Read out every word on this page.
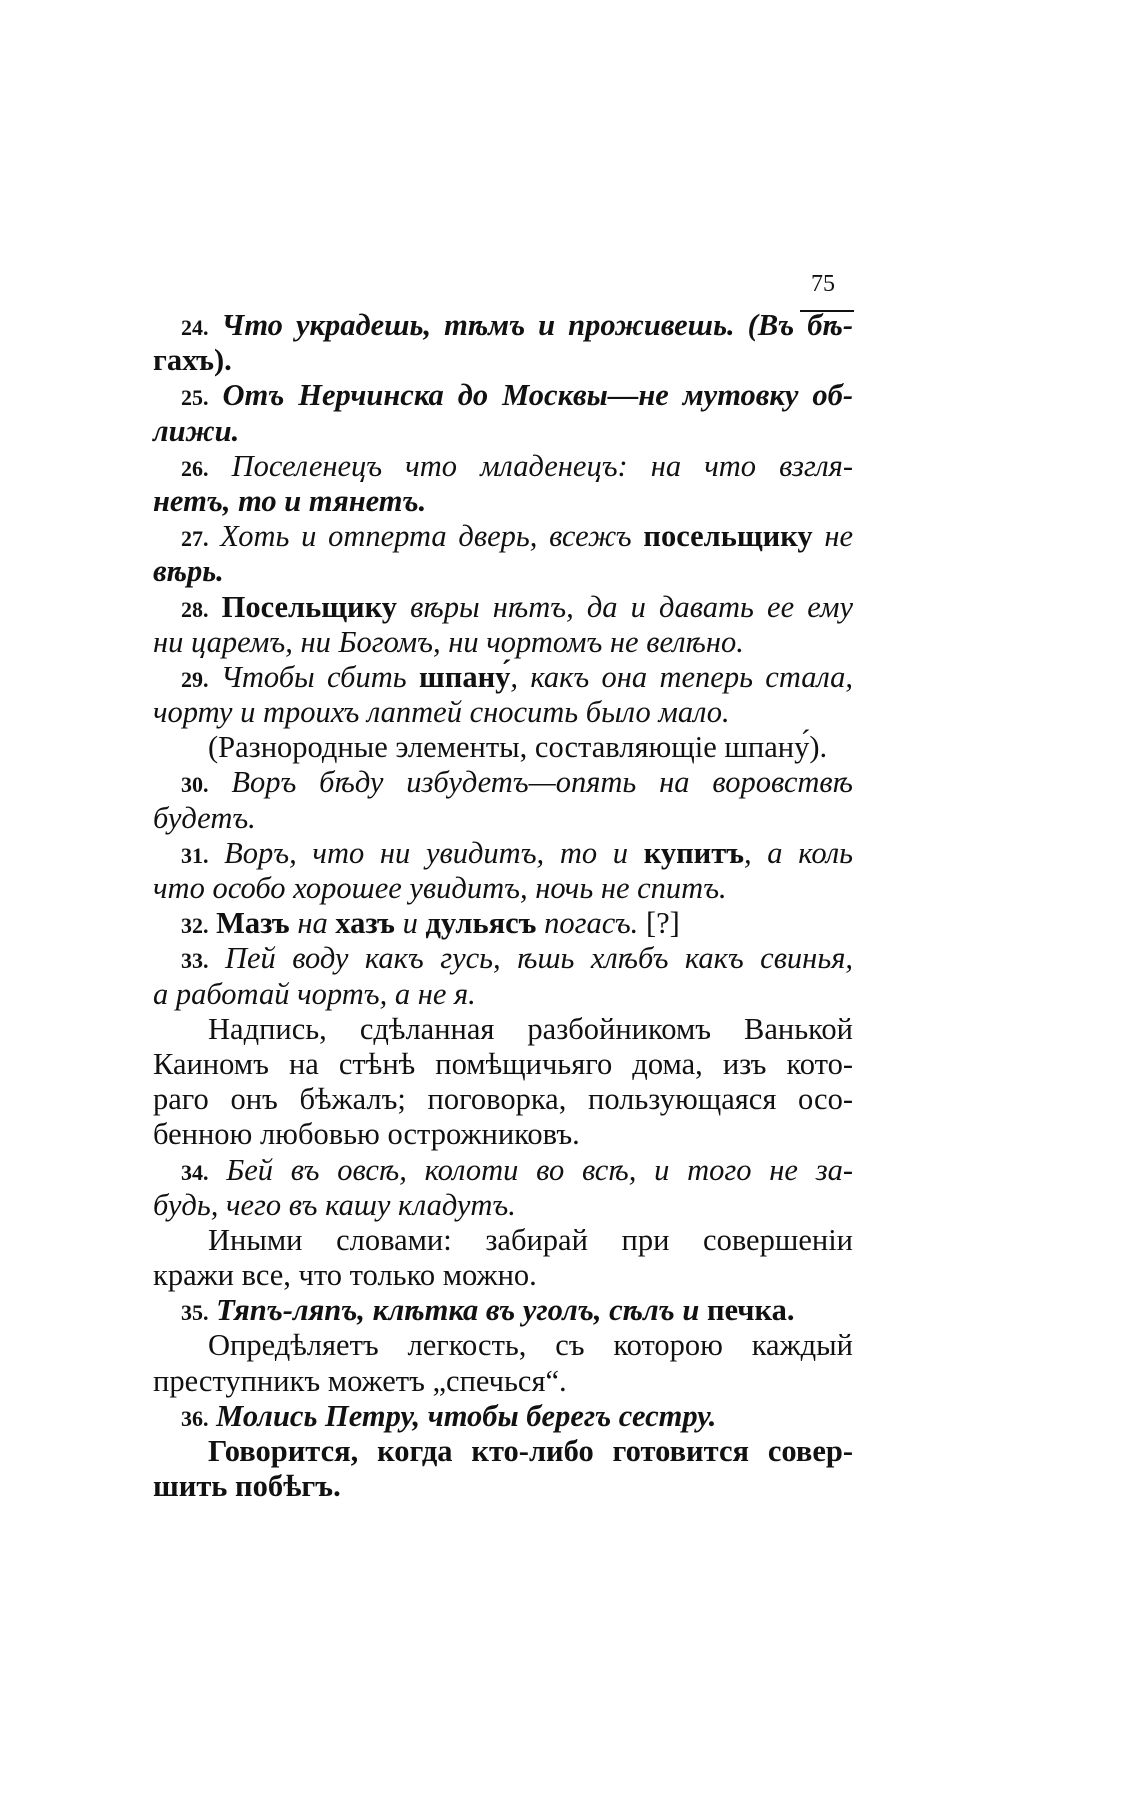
75
24. Что украдешь, тѣмъ и проживешь. (Въ бѣ-
гахъ).
25. Отъ Нерчинска до Москвы—не мутовку об-
лижи.
26. Поселенецъ что младенецъ: на что взгля-
нетъ, то и тянетъ.
27. Хоть и отперта дверь, всежъ посельщику не
вѣрь.
28. Посельщику вѣры нѣтъ, да и давать ее ему
ни царемъ, ни Богомъ, ни чортомъ не велѣно.
29. Чтобы сбить шпану́, какъ она теперь стала,
чорту и троихъ лаптей сносить было мало.
(Разнородные элементы, составляющіе шпану́).
30. Воръ бѣду избудетъ—опять на воровствѣ
будетъ.
31. Воръ, что ни увидитъ, то и купитъ, а коль
что особо хорошее увидитъ, ночь не спитъ.
32. Мазъ на хазъ и дульясъ погасъ. [?]
33. Пей воду какъ гусь, ѣшь хлѣбъ какъ свинья,
а работай чортъ, а не я.
Надпись, сдѣланная разбойникомъ Ванькой
Каиномъ на стѣнѣ помѣщичьяго дома, изъ кото-
раго онъ бѣжалъ; поговорка, пользующаяся осо-
бенною любовью острожниковъ.
34. Бей въ овсѣ, колоти во всѣ, и того не за-
будь, чего въ кашу кладутъ.
Иными словами: забирай при совершеніи
кражи все, что только можно.
35. Тяпъ-ляпъ, клѣтка въ уголъ, сѣлъ и печка.
Опредѣляетъ легкость, съ которою каждый
преступникъ можетъ „спечься“.
36. Молись Петру, чтобы берегъ сестру.
Говорится, когда кто-либо готовится совер-
шить побѣгъ.
